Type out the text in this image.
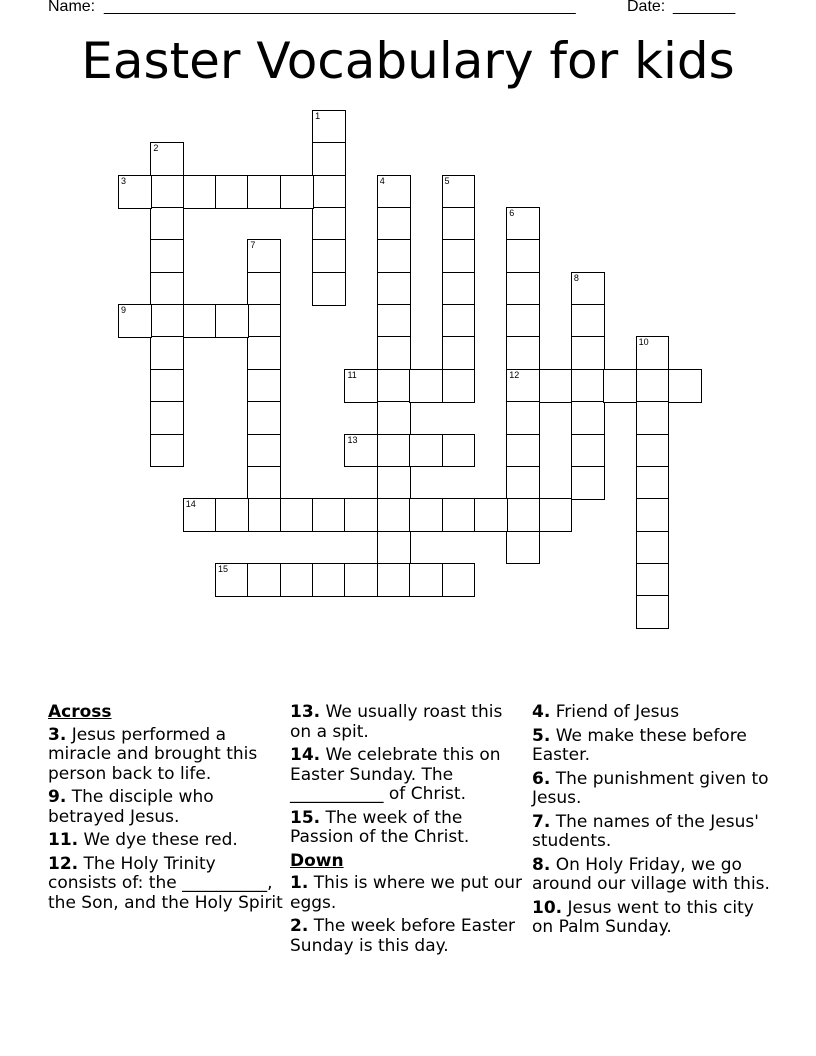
Name: _____________________________________________________	Date: _______
Easter Vocabulary for kids
1
2
3	4	5
6
12
7
8
9
10
11
13
14
15
Across
3. Jesus performed a miracle and brought this person back to life.
9. The disciple who betrayed Jesus.
11. We dye these red.
12. The Holy Trinity consists of: the __________, the Son, and the Holy Spirit
13. We usually roast this on a spit.
14. We celebrate this on Easter Sunday. The ___________ of Christ.
15. The week of the Passion of the Christ.
Down
1. This is where we put our eggs.
2. The week before Easter Sunday is this day.
4. Friend of Jesus
5. We make these before Easter.
6. The punishment given to Jesus.
7. The names of the Jesus' students.
8. On Holy Friday, we go around our village with this.
10. Jesus went to this city on Palm Sunday.
